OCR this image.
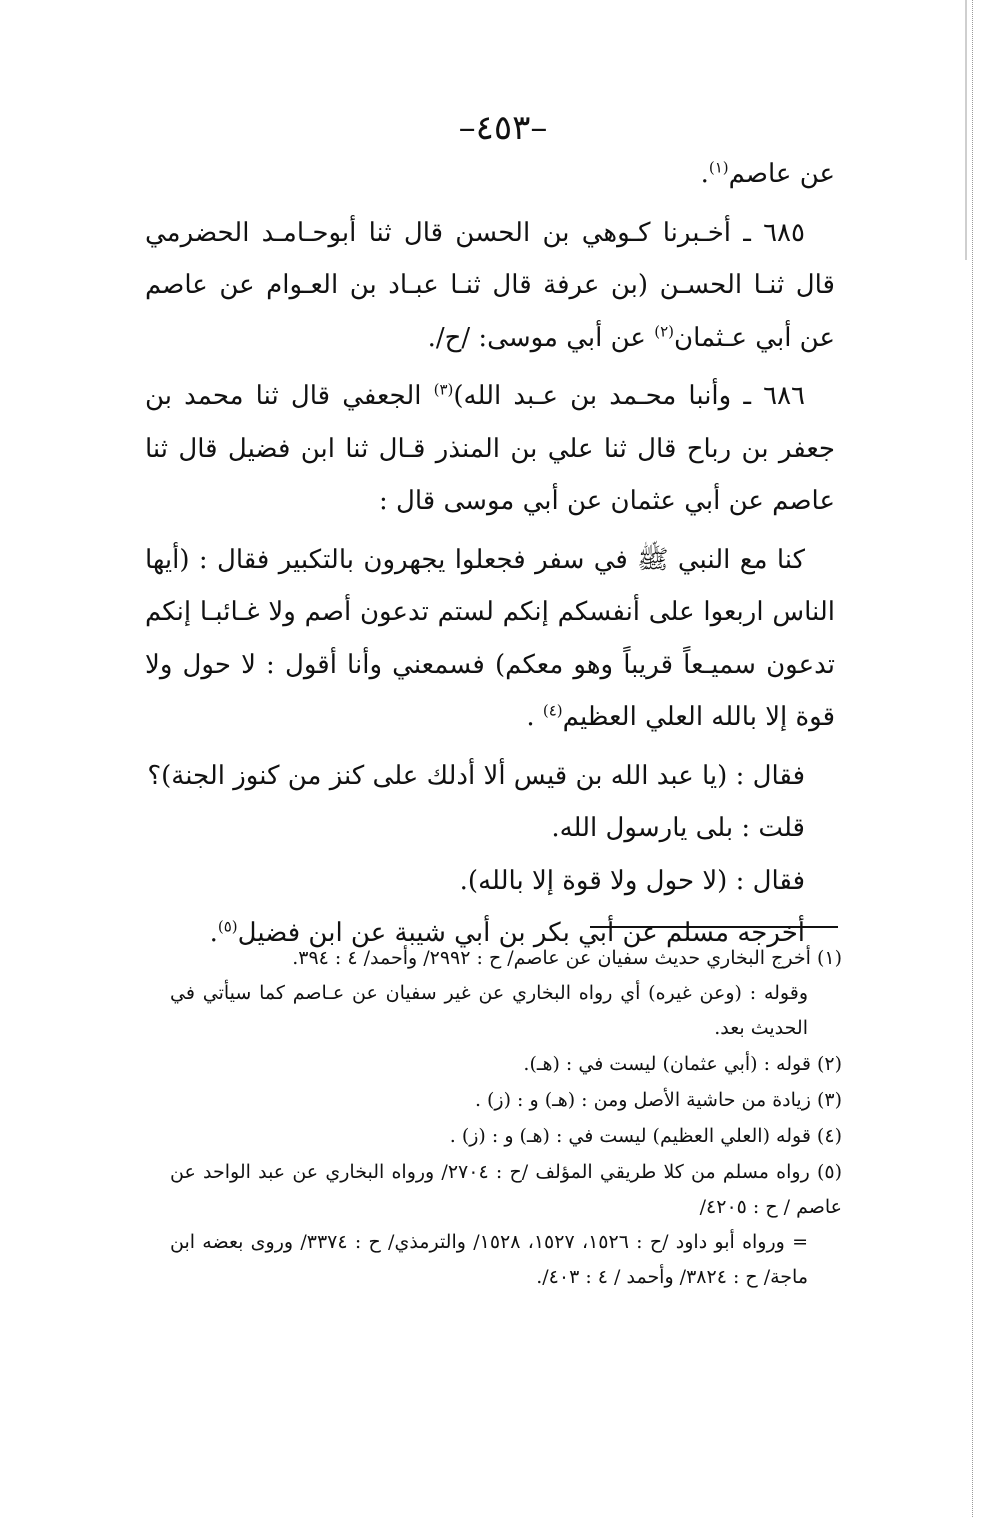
–٤٥٣–

عن عاصم$^{(١)}$.

٦٨٥ ـ أخـبرنا كـوهي بن الحسن قال ثنا أبوحـامـد الحضرمي قال ثنـا الحسـن (بن عرفة قال ثنـا عبـاد بن العـوام عن عاصم عن أبي عـثمان$^{(٢)}$ عن أبي موسى: /ح/.

٦٨٦ ـ وأنبا محـمد بن عـبد الله)$^{(٣)}$ الجعفي قال ثنا محمد بن جعفر بن رباح قال ثنا علي بن المنذر قـال ثنا ابن فضيل قال ثنا عاصم عن أبي عثمان عن أبي موسى قال :

كنا مع النبي ﷺ في سفر فجعلوا يجهرون بالتكبير فقال : (أيها الناس اربعوا على أنفسكم إنكم لستم تدعون أصم ولا غـائبـا إنكم تدعون سميـعاً قريباً وهو معكم) فسمعني وأنا أقول : لا حول ولا قوة إلا بالله العلي العظيم$^{(٤)}$ .

فقال : (يا عبد الله بن قيس ألا أدلك على كنز من كنوز الجنة)؟

قلت : بلى يارسول الله.

فقال : (لا حول ولا قوة إلا بالله).

أخرجه مسلم عن أبي بكر بن أبي شيبة عن ابن فضيل$^{(٥)}$.

(١) أخرج البخاري حديث سفيان عن عاصم/ ح : ٢٩٩٢/ وأحمد/ ٤ : ٣٩٤.

وقوله : (وعن غيره) أي رواه البخاري عن غير سفيان عن عـاصم كما سيأتي في الحديث بعد.

(٢) قوله : (أبي عثمان) ليست في : (هـ).

(٣) زيادة من حاشية الأصل ومن : (هـ) و : (ز) .

(٤) قوله (العلي العظيم) ليست في : (هـ) و : (ز) .

(٥) رواه مسلم من كلا طريقي المؤلف /ح : ٢٧٠٤/ ورواه البخاري عن عبد الواحد عن عاصم / ح : ٤٢٠٥/

= ورواه أبو داود /ح : ١٥٢٦، ١٥٢٧، ١٥٢٨/ والترمذي/ ح : ٣٣٧٤/ وروى بعضه ابن ماجة/ ح : ٣٨٢٤/ وأحمد / ٤ : ٤٠٣/.
